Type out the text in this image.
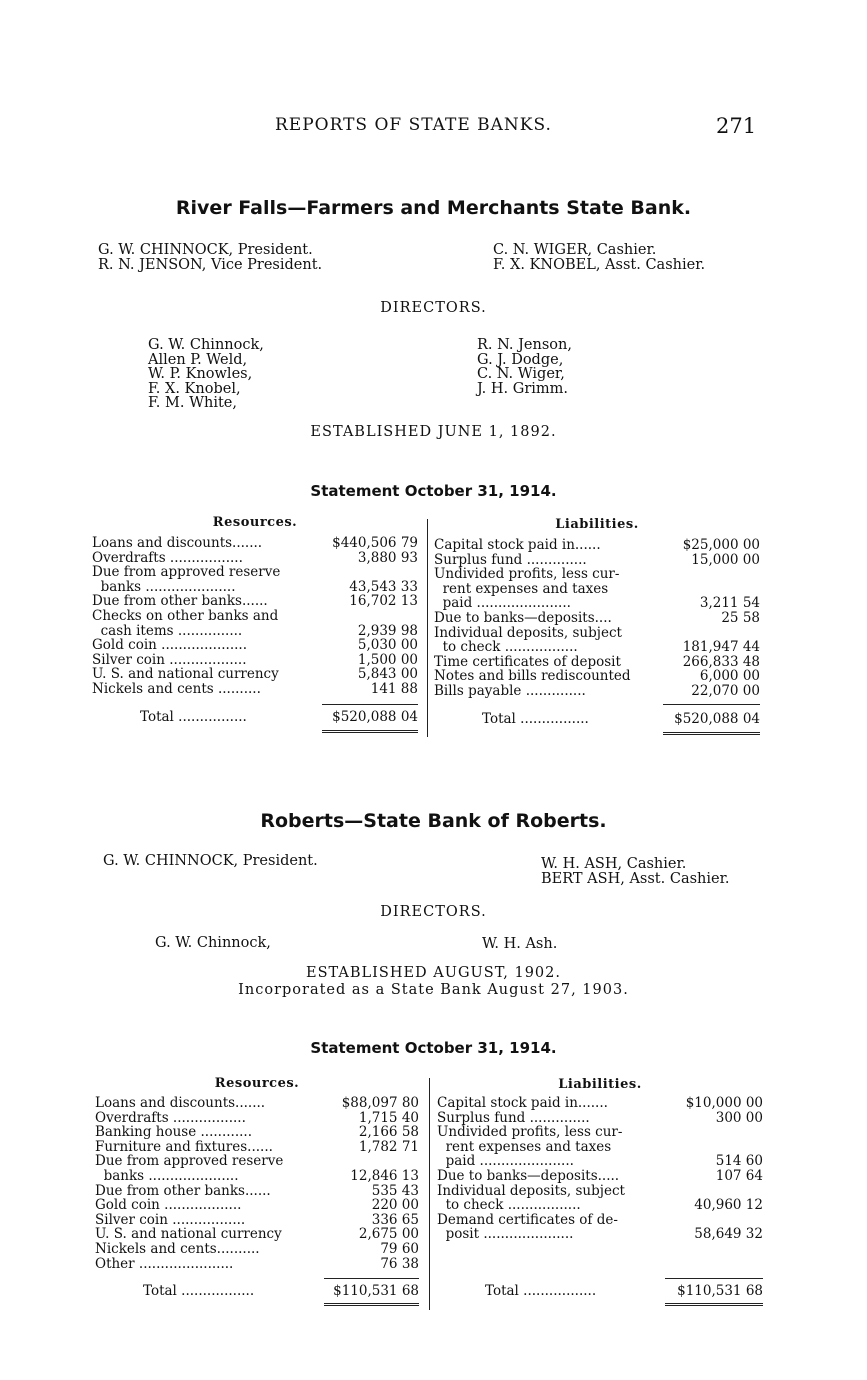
REPORTS OF STATE BANKS.	271
River Falls—Farmers and Merchants State Bank.
G. W. CHINNOCK, President.
R. N. JENSON, Vice President.
C. N. WIGER, Cashier.
F. X. KNOBEL, Asst. Cashier.
DIRECTORS.
G. W. Chinnock,
Allen P. Weld,
W. P. Knowles,
F. X. Knobel,
F. M. White,
R. N. Jenson,
G. J. Dodge,
C. N. Wiger,
J. H. Grimm.
ESTABLISHED JUNE 1, 1892.
Statement October 31, 1914.
Resources.	Liabilities.
Loans and discounts.......	$440,506 79
Overdrafts .................	3,880 93
Due from approved reserve
banks .....................	43,543 33
Due from other banks......	16,702 13
Checks on other banks and
cash items ...............	2,939 98
Gold coin ....................	5,030 00
Silver coin ..................	1,500 00
U. S. and national currency	5,843 00
Nickels and cents ..........	141 88
Capital stock paid in......	$25,000 00
Surplus fund ..............	15,000 00
Undivided profits, less cur-
rent expenses and taxes
paid ......................	3,211 54
Due to banks—deposits....	25 58
Individual deposits, subject
to check .................	181,947 44
Time certificates of deposit	266,833 48
Notes and bills rediscounted	6,000 00
Bills payable ..............	22,070 00
Total ................	$520,088 04	Total ................	$520,088 04
Roberts—State Bank of Roberts.
G. W. CHINNOCK, President.	W. H. ASH, Cashier.
BERT ASH, Asst. Cashier.
DIRECTORS.
G. W. Chinnock,	W. H. Ash.
ESTABLISHED AUGUST, 1902.
Incorporated as a State Bank August 27, 1903.
Statement October 31, 1914.
Resources.	Liabilities.
Loans and discounts.......	$88,097 80
Overdrafts .................	1,715 40
Banking house ............	2,166 58
Furniture and fixtures......	1,782 71
Due from approved reserve
banks .....................	12,846 13
Due from other banks......	535 43
Gold coin ..................	220 00
Silver coin .................	336 65
U. S. and national currency	2,675 00
Nickels and cents..........	79 60
Other ......................	76 38
Capital stock paid in.......	$10,000 00
Surplus fund ..............	300 00
Undivided profits, less cur-
rent expenses and taxes
paid ......................	514 60
Due to banks—deposits.....	107 64
Individual deposits, subject
to check .................	40,960 12
Demand certificates of de-
posit .....................	58,649 32
Total .................	$110,531 68	Total .................	$110,531 68
